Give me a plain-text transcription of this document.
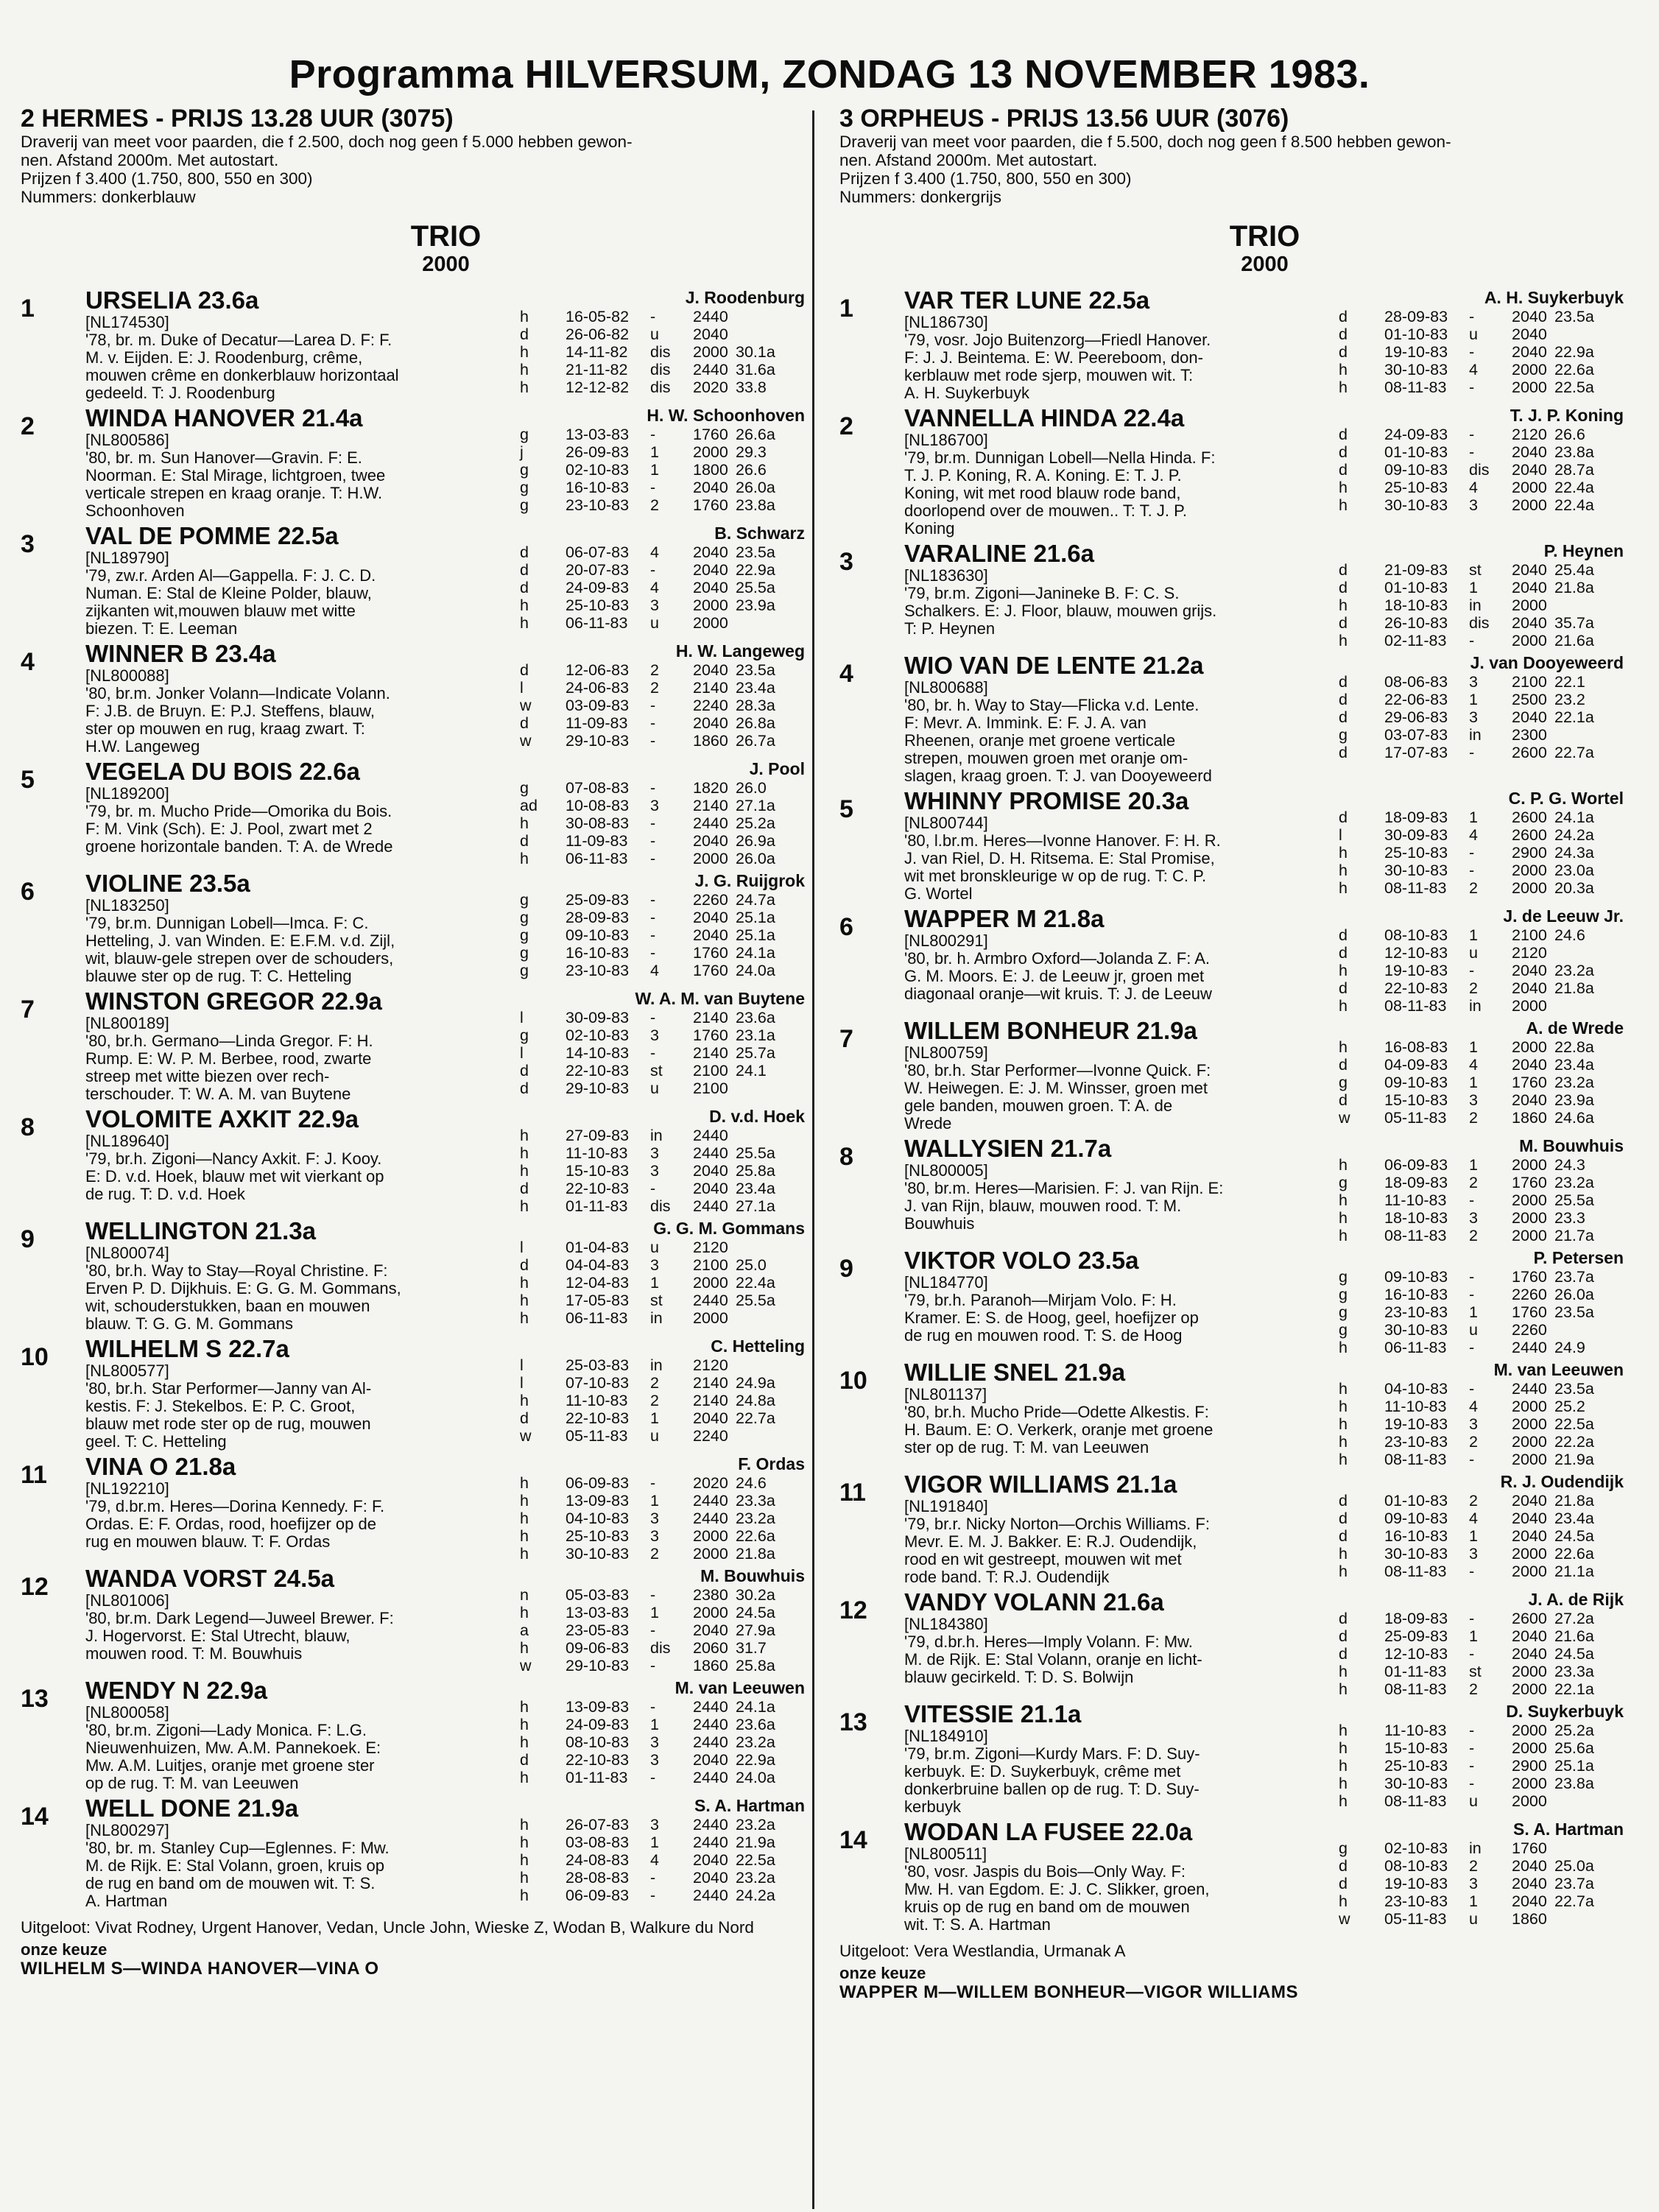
Programma HILVERSUM, ZONDAG 13 NOVEMBER 1983.
2 HERMES - PRIJS 13.28 UUR (3075)
Draverij van meet voor paarden, die f 2.500, doch nog geen f 5.000 hebben gewon-
nen. Afstand 2000m. Met autostart.
Prijzen f 3.400 (1.750, 800, 550 en 300)
Nummers: donkerblauw
TRIO
2000
1	URSELIA 23.6a
[NL174530]
'78, br. m. Duke of Decatur—Larea D. F: F.
M. v. Eijden. E: J. Roodenburg, crême,
mouwen crême en donkerblauw horizontaal
gedeeld. T: J. Roodenburg
J. Roodenburg
h 16-05-82 - 2440
d 26-06-82 u 2040
h 14-11-82 dis 2000 30.1a
h 21-11-82 dis 2440 31.6a
h 12-12-82 dis 2020 33.8
2	WINDA HANOVER 21.4a
[NL800586]
'80, br. m. Sun Hanover—Gravin. F: E.
Noorman. E: Stal Mirage, lichtgroen, twee
verticale strepen en kraag oranje. T: H.W.
Schoonhoven
H. W. Schoonhoven
g 13-03-83 - 1760 26.6a
j	26-09-83 1 2000 29.3
g 02-10-83 1 1800 26.6
g 16-10-83 - 2040 26.0a
g 23-10-83 2 1760 23.8a
3	VAL DE POMME 22.5a
[NL189790]
'79, zw.r. Arden Al—Gappella. F: J. C. D.
Numan. E: Stal de Kleine Polder, blauw,
zijkanten wit,mouwen blauw met witte
biezen. T: E. Leeman
B. Schwarz
d 06-07-83 4 2040 23.5a
d 20-07-83 - 2040 22.9a
d 24-09-83 4 2040 25.5a
h 25-10-83 3 2000 23.9a
h 06-11-83 u 2000
4	WINNER B 23.4a
[NL800088]
'80, br.m. Jonker Volann—Indicate Volann.
F: J.B. de Bruyn. E: P.J. Steffens, blauw,
ster op mouwen en rug, kraag zwart. T:
H.W. Langeweg
H. W. Langeweg
d 12-06-83 2 2040 23.5a
l	24-06-83 2 2140 23.4a
w 03-09-83 - 2240 28.3a
d 11-09-83 - 2040 26.8a
w 29-10-83 - 1860 26.7a
5	VEGELA DU BOIS 22.6a
[NL189200]
'79, br. m. Mucho Pride—Omorika du Bois.
F: M. Vink (Sch). E: J. Pool, zwart met 2
groene horizontale banden. T: A. de Wrede
J. Pool
g 07-08-83 - 1820 26.0
ad 10-08-83 3 2140 27.1a
h 30-08-83 - 2440 25.2a
d 11-09-83 - 2040 26.9a
h 06-11-83 - 2000 26.0a
6	VIOLINE 23.5a
[NL183250]
'79, br.m. Dunnigan Lobell—Imca. F: C.
Hetteling, J. van Winden. E: E.F.M. v.d. Zijl,
wit, blauw-gele strepen over de schouders,
blauwe ster op de rug. T: C. Hetteling
J. G. Ruijgrok
g 25-09-83 - 2260 24.7a
g 28-09-83 - 2040 25.1a
g 09-10-83 - 2040 25.1a
g 16-10-83 - 1760 24.1a
g 23-10-83 4 1760 24.0a
7	WINSTON GREGOR 22.9a
[NL800189]
'80, br.h. Germano—Linda Gregor. F: H.
Rump. E: W. P. M. Berbee, rood, zwarte
streep met witte biezen over rech-
terschouder. T: W. A. M. van Buytene
W. A. M. van Buytene
l	30-09-83 - 2140 23.6a
g 02-10-83 3 1760 23.1a
l	14-10-83 - 2140 25.7a
d 22-10-83 st 2100 24.1
d 29-10-83 u 2100
8	VOLOMITE AXKIT 22.9a
[NL189640]
'79, br.h. Zigoni—Nancy Axkit. F: J. Kooy.
E: D. v.d. Hoek, blauw met wit vierkant op
de rug. T: D. v.d. Hoek
D. v.d. Hoek
h 27-09-83 in 2440
h 11-10-83 3 2440 25.5a
h 15-10-83 3 2040 25.8a
d 22-10-83 - 2040 23.4a
h 01-11-83 dis 2440 27.1a
9	WELLINGTON 21.3a
[NL800074]
'80, br.h. Way to Stay—Royal Christine. F:
Erven P. D. Dijkhuis. E: G. G. M. Gommans,
wit, schouderstukken, baan en mouwen
blauw. T: G. G. M. Gommans
G. G. M. Gommans
l	01-04-83 u 2120
d 04-04-83 3 2100 25.0
h 12-04-83 1 2000 22.4a
h 17-05-83 st 2440 25.5a
h 06-11-83 in 2000
10	WILHELM S 22.7a
[NL800577]
'80, br.h. Star Performer—Janny van Al-
kestis. F: J. Stekelbos. E: P. C. Groot,
blauw met rode ster op de rug, mouwen
geel. T: C. Hetteling
C. Hetteling
l	25-03-83 in 2120
l	07-10-83 2 2140 24.9a
h 11-10-83 2 2140 24.8a
d 22-10-83 1 2040 22.7a
w 05-11-83 u 2240
11	VINA O 21.8a
[NL192210]
'79, d.br.m. Heres—Dorina Kennedy. F: F.
Ordas. E: F. Ordas, rood, hoefijzer op de
rug en mouwen blauw. T: F. Ordas
F. Ordas
h 06-09-83 - 2020 24.6
h 13-09-83 1 2440 23.3a
h 04-10-83 3 2440 23.2a
h 25-10-83 3 2000 22.6a
h 30-10-83 2 2000 21.8a
12	WANDA VORST 24.5a
[NL801006]
'80, br.m. Dark Legend—Juweel Brewer. F:
J. Hogervorst. E: Stal Utrecht, blauw,
mouwen rood. T: M. Bouwhuis
M. Bouwhuis
n 05-03-83 - 2380 30.2a
h 13-03-83 1 2000 24.5a
a 23-05-83 - 2040 27.9a
h 09-06-83 dis 2060 31.7
w 29-10-83 - 1860 25.8a
13	WENDY N 22.9a
[NL800058]
'80, br.m. Zigoni—Lady Monica. F: L.G.
Nieuwenhuizen, Mw. A.M. Pannekoek. E:
Mw. A.M. Luitjes, oranje met groene ster
op de rug. T: M. van Leeuwen
M. van Leeuwen
h 13-09-83 - 2440 24.1a
h 24-09-83 1 2440 23.6a
h 08-10-83 3 2440 23.2a
d 22-10-83 3 2040 22.9a
h 01-11-83 - 2440 24.0a
14	WELL DONE 21.9a
[NL800297]
'80, br. m. Stanley Cup—Eglennes. F: Mw.
M. de Rijk. E: Stal Volann, groen, kruis op
de rug en band om de mouwen wit. T: S.
A. Hartman
S. A. Hartman
h 26-07-83 3 2440 23.2a
h 03-08-83 1 2440 21.9a
h 24-08-83 4 2040 22.5a
h 28-08-83 - 2040 23.2a
h 06-09-83 - 2440 24.2a
Uitgeloot: Vivat Rodney, Urgent Hanover, Vedan, Uncle John, Wieske Z, Wodan B, Walkure du Nord
onze keuze
WILHELM S—WINDA HANOVER—VINA O
3 ORPHEUS - PRIJS 13.56 UUR (3076)
Draverij van meet voor paarden, die f 5.500, doch nog geen f 8.500 hebben gewon-
nen. Afstand 2000m. Met autostart.
Prijzen f 3.400 (1.750, 800, 550 en 300)
Nummers: donkergrijs
TRIO
2000
1	VAR TER LUNE 22.5a
[NL186730]
'79, vosr. Jojo Buitenzorg—Friedl Hanover.
F: J. J. Beintema. E: W. Peereboom, don-
kerblauw met rode sjerp, mouwen wit. T:
A. H. Suykerbuyk
A. H. Suykerbuyk
d 28-09-83 - 2040 23.5a
d 01-10-83 u 2040
d 19-10-83 - 2040 22.9a
h 30-10-83 4 2000 22.6a
h 08-11-83 - 2000 22.5a
2	VANNELLA HINDA 22.4a
[NL186700]
'79, br.m. Dunnigan Lobell—Nella Hinda. F:
T. J. P. Koning, R. A. Koning. E: T. J. P.
Koning, wit met rood blauw rode band,
doorlopend over de mouwen.. T: T. J. P.
Koning
T. J. P. Koning
d 24-09-83 - 2120 26.6
d 01-10-83 - 2040 23.8a
d 09-10-83 dis 2040 28.7a
h 25-10-83 4 2000 22.4a
h 30-10-83 3 2000 22.4a
3	VARALINE 21.6a
[NL183630]
'79, br.m. Zigoni—Janineke B. F: C. S.
Schalkers. E: J. Floor, blauw, mouwen grijs.
T: P. Heynen
P. Heynen
d 21-09-83 st 2040 25.4a
d 01-10-83 1 2040 21.8a
h 18-10-83 in 2000
d 26-10-83 dis 2040 35.7a
h 02-11-83 - 2000 21.6a
4	WIO VAN DE LENTE 21.2a
[NL800688]
'80, br. h. Way to Stay—Flicka v.d. Lente.
F: Mevr. A. Immink. E: F. J. A. van
Rheenen, oranje met groene verticale
strepen, mouwen groen met oranje om-
slagen, kraag groen. T: J. van Dooyeweerd
J. van Dooyeweerd
d 08-06-83 3 2100 22.1
d 22-06-83 1 2500 23.2
d 29-06-83 3 2040 22.1a
g 03-07-83 in 2300
d 17-07-83 - 2600 22.7a
5	WHINNY PROMISE 20.3a
[NL800744]
'80, l.br.m. Heres—Ivonne Hanover. F: H. R.
J. van Riel, D. H. Ritsema. E: Stal Promise,
wit met bronskleurige w op de rug. T: C. P.
G. Wortel
C. P. G. Wortel
d 18-09-83 1 2600 24.1a
l	30-09-83 4 2600 24.2a
h 25-10-83 - 2900 24.3a
h 30-10-83 - 2000 23.0a
h 08-11-83 2 2000 20.3a
6	WAPPER M 21.8a
[NL800291]
'80, br. h. Armbro Oxford—Jolanda Z. F: A.
G. M. Moors. E: J. de Leeuw jr, groen met
diagonaal oranje—wit kruis. T: J. de Leeuw
J. de Leeuw Jr.
d 08-10-83 1 2100 24.6
d 12-10-83 u 2120
h 19-10-83 - 2040 23.2a
d 22-10-83 2 2040 21.8a
h 08-11-83 in 2000
7	WILLEM BONHEUR 21.9a
[NL800759]
'80, br.h. Star Performer—Ivonne Quick. F:
W. Heiwegen. E: J. M. Winsser, groen met
gele banden, mouwen groen. T: A. de
Wrede
A. de Wrede
h 16-08-83 1 2000 22.8a
d 04-09-83 4 2040 23.4a
g 09-10-83 1 1760 23.2a
d 15-10-83 3 2040 23.9a
w 05-11-83 2 1860 24.6a
8	WALLYSIEN 21.7a
[NL800005]
'80, br.m. Heres—Marisien. F: J. van Rijn. E:
J. van Rijn, blauw, mouwen rood. T: M.
Bouwhuis
M. Bouwhuis
h 06-09-83 1 2000 24.3
g 18-09-83 2 1760 23.2a
h 11-10-83 - 2000 25.5a
h 18-10-83 3 2000 23.3
h 08-11-83 2 2000 21.7a
9	VIKTOR VOLO 23.5a
[NL184770]
'79, br.h. Paranoh—Mirjam Volo. F: H.
Kramer. E: S. de Hoog, geel, hoefijzer op
de rug en mouwen rood. T: S. de Hoog
P. Petersen
g 09-10-83 - 1760 23.7a
g 16-10-83 - 2260 26.0a
g 23-10-83 1 1760 23.5a
g 30-10-83 u 2260
h 06-11-83 - 2440 24.9
10	WILLIE SNEL 21.9a
[NL801137]
'80, br.h. Mucho Pride—Odette Alkestis. F:
H. Baum. E: O. Verkerk, oranje met groene
ster op de rug. T: M. van Leeuwen
M. van Leeuwen
h 04-10-83 - 2440 23.5a
h 11-10-83 4 2000 25.2
h 19-10-83 3 2000 22.5a
h 23-10-83 2 2000 22.2a
h 08-11-83 - 2000 21.9a
11	VIGOR WILLIAMS 21.1a
[NL191840]
'79, br.r. Nicky Norton—Orchis Williams. F:
Mevr. E. M. J. Bakker. E: R.J. Oudendijk,
rood en wit gestreept, mouwen wit met
rode band. T: R.J. Oudendijk
R. J. Oudendijk
d 01-10-83 2 2040 21.8a
d 09-10-83 4 2040 23.4a
d 16-10-83 1 2040 24.5a
h 30-10-83 3 2000 22.6a
h 08-11-83 - 2000 21.1a
12	VANDY VOLANN 21.6a
[NL184380]
'79, d.br.h. Heres—Imply Volann. F: Mw.
M. de Rijk. E: Stal Volann, oranje en licht-
blauw gecirkeld. T: D. S. Bolwijn
J. A. de Rijk
d 18-09-83 - 2600 27.2a
d 25-09-83 1 2040 21.6a
d 12-10-83 - 2040 24.5a
h 01-11-83 st 2000 23.3a
h 08-11-83 2 2000 22.1a
13	VITESSIE 21.1a
[NL184910]
'79, br.m. Zigoni—Kurdy Mars. F: D. Suy-
kerbuyk. E: D. Suykerbuyk, crême met
donkerbruine ballen op de rug. T: D. Suy-
kerbuyk
D. Suykerbuyk
h 11-10-83 - 2000 25.2a
h 15-10-83 - 2000 25.6a
h 25-10-83 - 2900 25.1a
h 30-10-83 - 2000 23.8a
h 08-11-83 u 2000
14	WODAN LA FUSEE 22.0a
[NL800511]
'80, vosr. Jaspis du Bois—Only Way. F:
Mw. H. van Egdom. E: J. C. Slikker, groen,
kruis op de rug en band om de mouwen
wit. T: S. A. Hartman
S. A. Hartman
g 02-10-83 in 1760
d 08-10-83 2 2040 25.0a
d 19-10-83 3 2040 23.7a
h 23-10-83 1 2040 22.7a
w 05-11-83 u 1860
Uitgeloot: Vera Westlandia, Urmanak A
onze keuze
WAPPER M—WILLEM BONHEUR—VIGOR WILLIAMS
